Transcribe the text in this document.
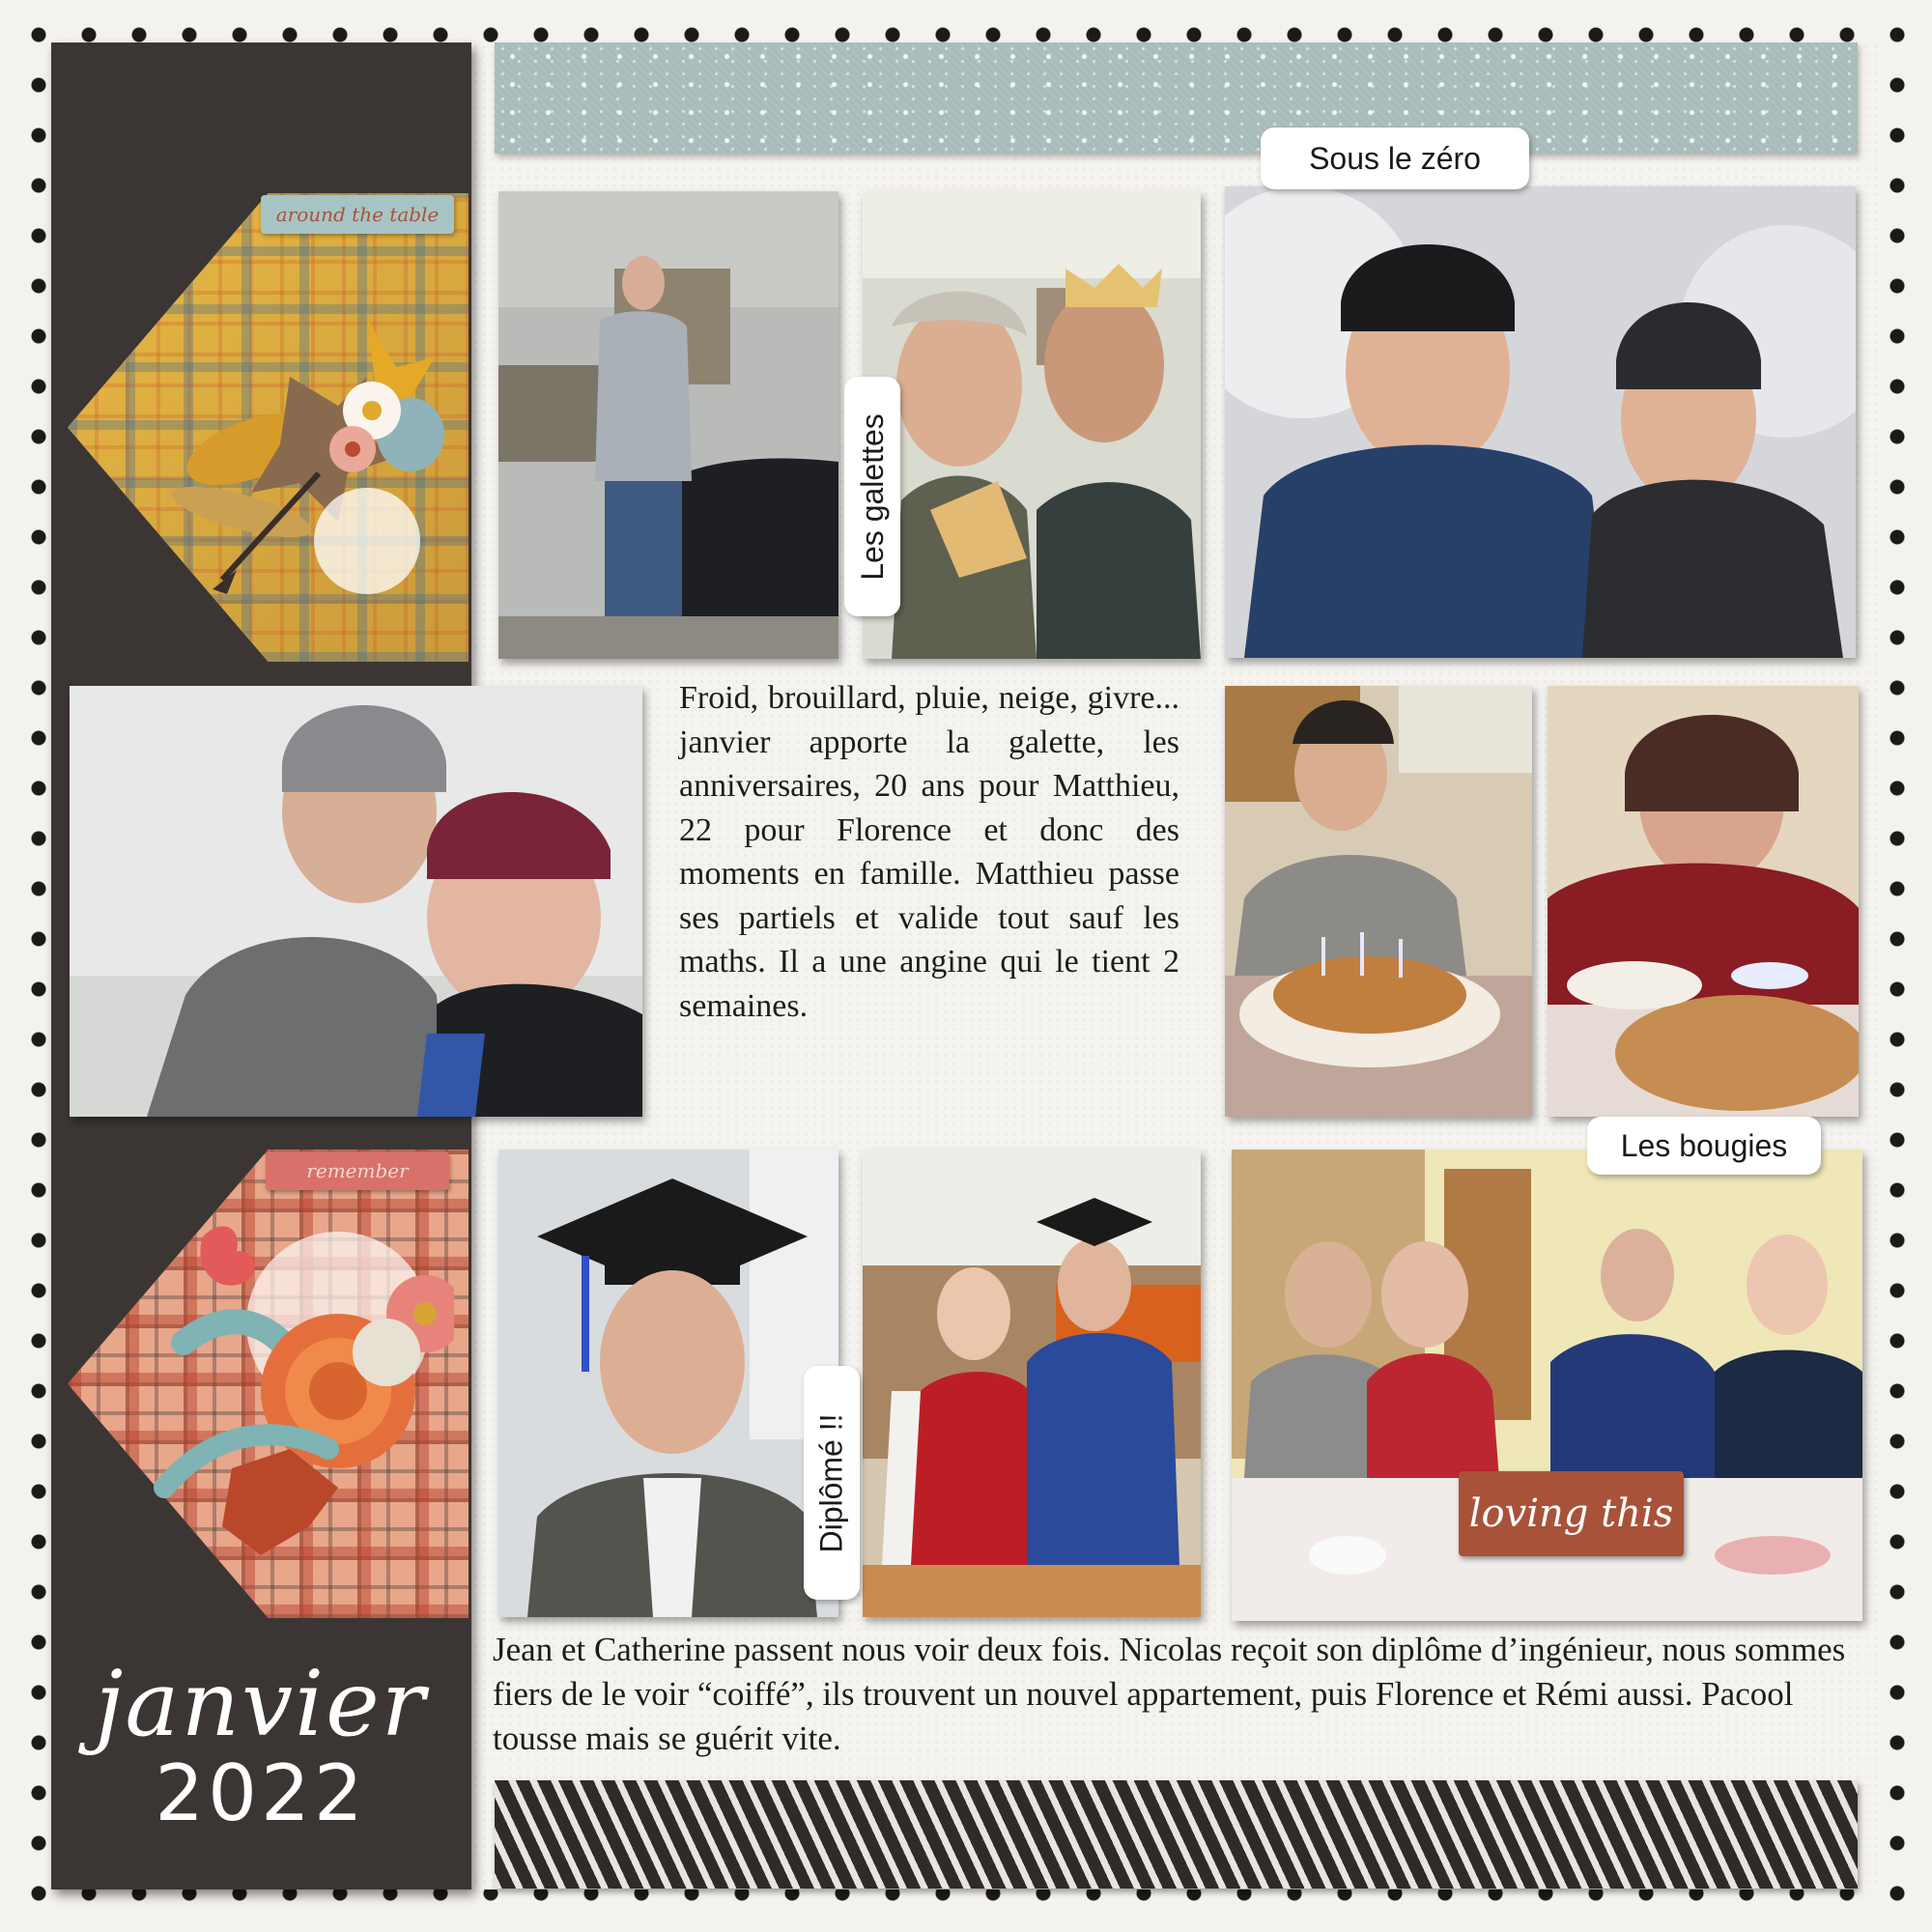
around the table
remember
janvier
2022
Froid, brouillard, pluie, neige, givre... janvier apporte la galette, les anniversaires, 20 ans pour Matthieu, 22 pour Florence et donc des moments en famille. Matthieu passe ses partiels et valide tout sauf les maths. Il a une angine qui le tient 2 semaines.
Sous le zéro
Les galettes
Les bougies
Diplômé !!	loving this
Jean et Catherine passent nous voir deux fois. Nicolas reçoit son diplôme d’ingénieur, nous sommes fiers de le voir “coiffé”, ils trouvent un nouvel appartement, puis Florence et Rémi aussi. Pacool tousse mais se guérit vite.
